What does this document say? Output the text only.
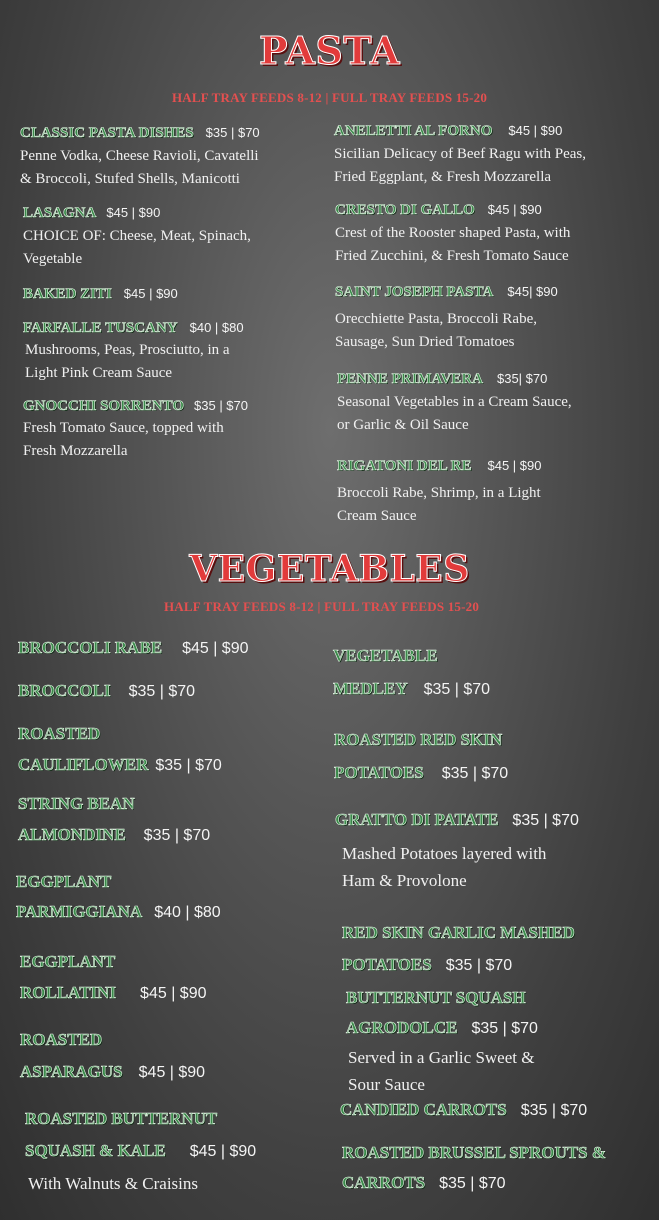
PASTA
HALF TRAY FEEDS 8-12 | FULL TRAY FEEDS 15-20
CLASSIC PASTA DISHES $35 | $70
Penne Vodka, Cheese Ravioli, Cavatelli
& Broccoli, Stufed Shells, Manicotti
LASAGNA $45 | $90
CHOICE OF: Cheese, Meat, Spinach,
Vegetable
BAKED ZITI $45 | $90
FARFALLE TUSCANY $40 | $80
Mushrooms, Peas, Prosciutto, in a
Light Pink Cream Sauce
GNOCCHI SORRENTO $35 | $70
Fresh Tomato Sauce, topped with
Fresh Mozzarella
ANELETTI AL FORNO $45 | $90
Sicilian Delicacy of Beef Ragu with Peas,
Fried Eggplant, & Fresh Mozzarella
CRESTO DI GALLO $45 | $90
Crest of the Rooster shaped Pasta, with
Fried Zucchini, & Fresh Tomato Sauce
SAINT JOSEPH PASTA $45| $90
Orecchiette Pasta, Broccoli Rabe,
Sausage, Sun Dried Tomatoes
PENNE PRIMAVERA $35| $70
Seasonal Vegetables in a Cream Sauce,
or Garlic & Oil Sauce
RIGATONI DEL RE $45 | $90
Broccoli Rabe, Shrimp, in a Light
Cream Sauce
VEGETABLES
HALF TRAY FEEDS 8-12 | FULL TRAY FEEDS 15-20
BROCCOLI RABE $45 | $90
BROCCOLI $35 | $70
ROASTED
CAULIFLOWER $35 | $70
STRING BEAN
ALMONDINE $35 | $70
EGGPLANT
PARMIGGIANA $40 | $80
EGGPLANT
ROLLATINI $45 | $90
ROASTED
ASPARAGUS $45 | $90
ROASTED BUTTERNUT
SQUASH & KALE $45 | $90
With Walnuts & Craisins
VEGETABLE
MEDLEY $35 | $70
ROASTED RED SKIN
POTATOES $35 | $70
GRATTO DI PATATE $35 | $70
Mashed Potatoes layered with
Ham & Provolone
RED SKIN GARLIC MASHED
POTATOES $35 | $70
BUTTERNUT SQUASH
AGRODOLCE $35 | $70
Served in a Garlic Sweet &
Sour Sauce
CANDIED CARROTS $35 | $70
ROASTED BRUSSEL SPROUTS &
CARROTS $35 | $70
